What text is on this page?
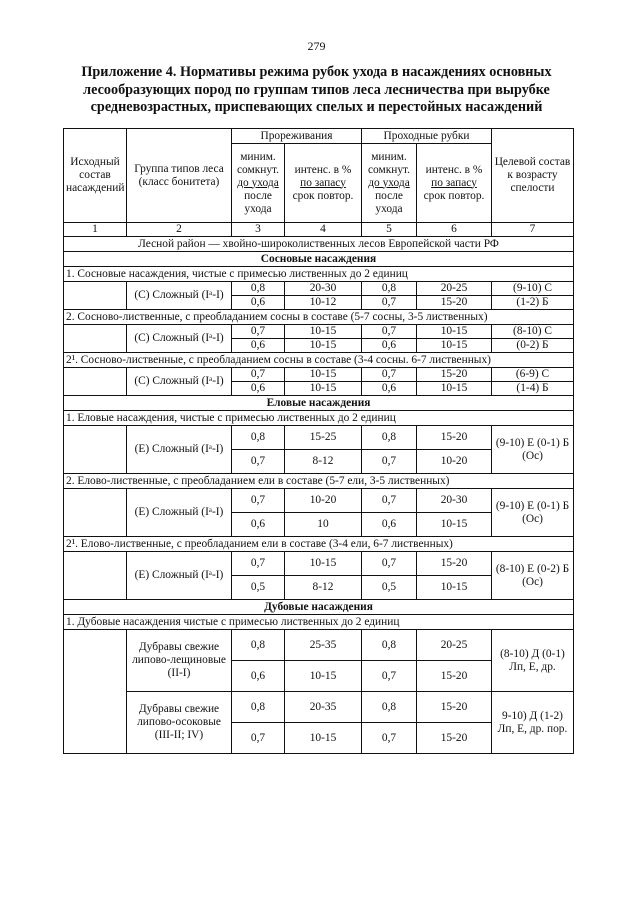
279
Приложение 4. Нормативы режима рубок ухода в насаждениях основных лесообразующих пород по группам типов леса лесничества при вырубке средневозрастных, приспевающих спелых и перестойных насаждений
Исходный состав насаждений	Группа типов леса (класс бонитета)	Прореживания		Проходные рубки		Целевой состав к возрасту спелости
		миним. сомкнут.
до ухода
после ухода	интенс. в %
по запасу
срок повтор.	миним. сомкнут.
до ухода
после ухода	интенс. в %
по запасу
срок повтор.	
1	2	3	4	5	6	7
Лесной район — хвойно-широколиственных лесов Европейской части РФ						
Сосновые насаждения						
1. Сосновые насаждения, чистые с примесью лиственных до 2 единиц						
	(С) Сложный (Iᵃ-I)	0,8	20-30	0,8	20-25	(9-10) С
		0,6	10-12	0,7	15-20	(1-2) Б
2. Сосново-лиственные, с преобладанием сосны в составе (5-7 сосны, 3-5 лиственных)						
	(С) Сложный (Iᵃ-I)	0,7	10-15	0,7	10-15	(8-10) С
		0,6	10-15	0,6	10-15	(0-2) Б
2¹. Сосново-лиственные, с преобладанием сосны в составе (3-4 сосны. 6-7 лиственных)						
	(С) Сложный (Iᵃ-I)	0,7	10-15	0,7	15-20	(6-9) С
		0,6	10-15	0,6	10-15	(1-4) Б
Еловые насаждения						
1. Еловые насаждения, чистые с примесью лиственных до 2 единиц						
	(Е) Сложный (Iᵃ-I)	0,8	15-25	0,8	15-20	(9-10) Е (0-1) Б (Ос)
		0,7	8-12	0,7	10-20	
2. Елово-лиственные, с преобладанием ели в составе (5-7 ели, 3-5 лиственных)						
	(Е) Сложный (Iᵃ-I)	0,7	10-20	0,7	20-30	(9-10) Е (0-1) Б (Ос)
		0,6	10	0,6	10-15	
2¹. Елово-лиственные, с преобладанием ели в составе (3-4 ели, 6-7 лиственных)						
	(Е) Сложный (Iᵃ-I)	0,7	10-15	0,7	15-20	(8-10) Е (0-2) Б (Ос)
		0,5	8-12	0,5	10-15	
Дубовые насаждения						
1. Дубовые насаждения чистые с примесью лиственных до 2 единиц						
	Дубравы свежие липово-лещиновые (II-I)	0,8	25-35	0,8	20-25	(8-10) Д (0-1) Лп, Е, др.
		0,6	10-15	0,7	15-20	
	Дубравы свежие липово-осоковые (III-II; IV)	0,8	20-35	0,8	15-20	9-10) Д (1-2) Лп, Е, др. пор.
		0,7	10-15	0,7	15-20	
